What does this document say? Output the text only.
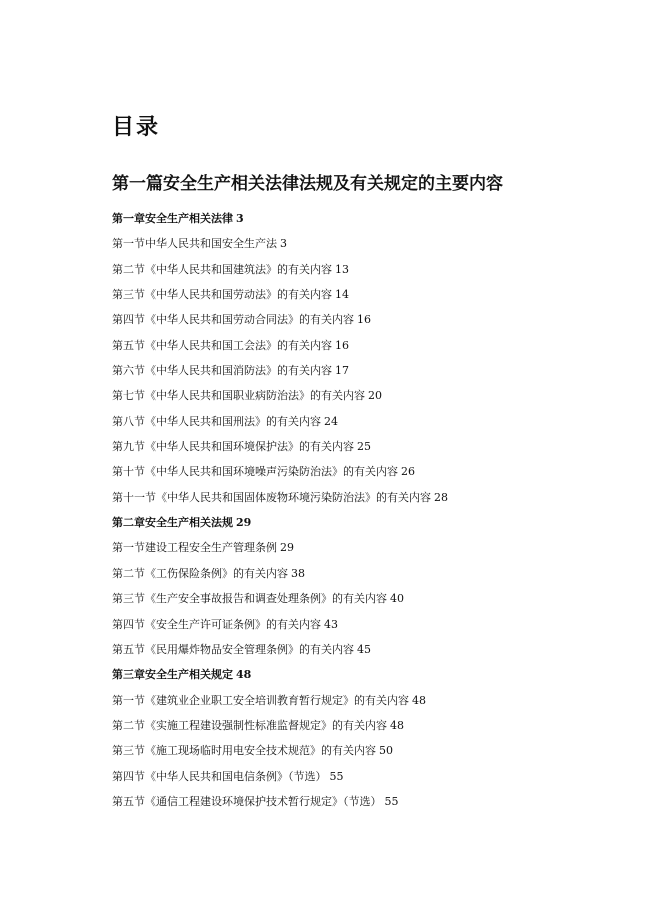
目录
第一篇安全生产相关法律法规及有关规定的主要内容
第一章安全生产相关法律 3
第一节中华人民共和国安全生产法 3
第二节《中华人民共和国建筑法》的有关内容 13
第三节《中华人民共和国劳动法》的有关内容 14
第四节《中华人民共和国劳动合同法》的有关内容 16
第五节《中华人民共和国工会法》的有关内容 16
第六节《中华人民共和国消防法》的有关内容 17
第七节《中华人民共和国职业病防治法》的有关内容 20
第八节《中华人民共和国刑法》的有关内容 24
第九节《中华人民共和国环境保护法》的有关内容 25
第十节《中华人民共和国环境噪声污染防治法》的有关内容 26
第十一节《中华人民共和国固体废物环境污染防治法》的有关内容 28
第二章安全生产相关法规 29
第一节建设工程安全生产管理条例 29
第二节《工伤保险条例》的有关内容 38
第三节《生产安全事故报告和调查处理条例》的有关内容 40
第四节《安全生产许可证条例》的有关内容 43
第五节《民用爆炸物品安全管理条例》的有关内容 45
第三章安全生产相关规定 48
第一节《建筑业企业职工安全培训教育暂行规定》的有关内容 48
第二节《实施工程建设强制性标准监督规定》的有关内容 48
第三节《施工现场临时用电安全技术规范》的有关内容 50
第四节《中华人民共和国电信条例》（节选） 55
第五节《通信工程建设环境保护技术暂行规定》（节选） 55
